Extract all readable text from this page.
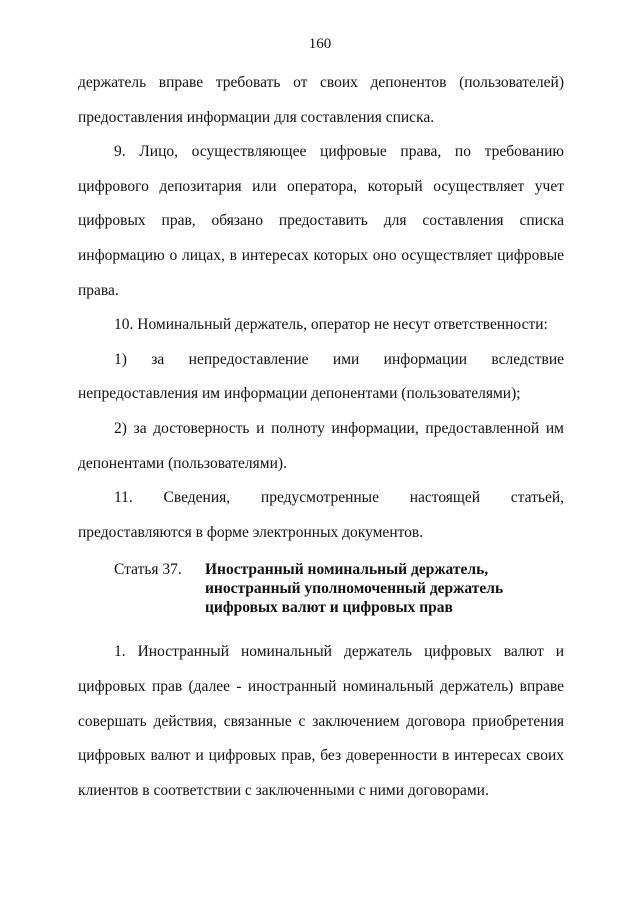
160

держатель вправе требовать от своих депонентов (пользователей) предоставления информации для составления списка.

9. Лицо, осуществляющее цифровые права, по требованию цифрового депозитария или оператора, который осуществляет учет цифровых прав, обязано предоставить для составления списка информацию о лицах, в интересах которых оно осуществляет цифровые права.

10. Номинальный держатель, оператор не несут ответственности:

1) за непредоставление ими информации вследствие непредоставления им информации депонентами (пользователями);

2) за достоверность и полноту информации, предоставленной им депонентами (пользователями).

11. Сведения, предусмотренные настоящей статьей, предоставляются в форме электронных документов.

Статья 37.	Иностранный номинальный держатель,
иностранный уполномоченный держатель
цифровых валют и цифровых прав

1. Иностранный номинальный держатель цифровых валют и цифровых прав (далее - иностранный номинальный держатель) вправе совершать действия, связанные с заключением договора приобретения цифровых валют и цифровых прав, без доверенности в интересах своих клиентов в соответствии с заключенными с ними договорами.
